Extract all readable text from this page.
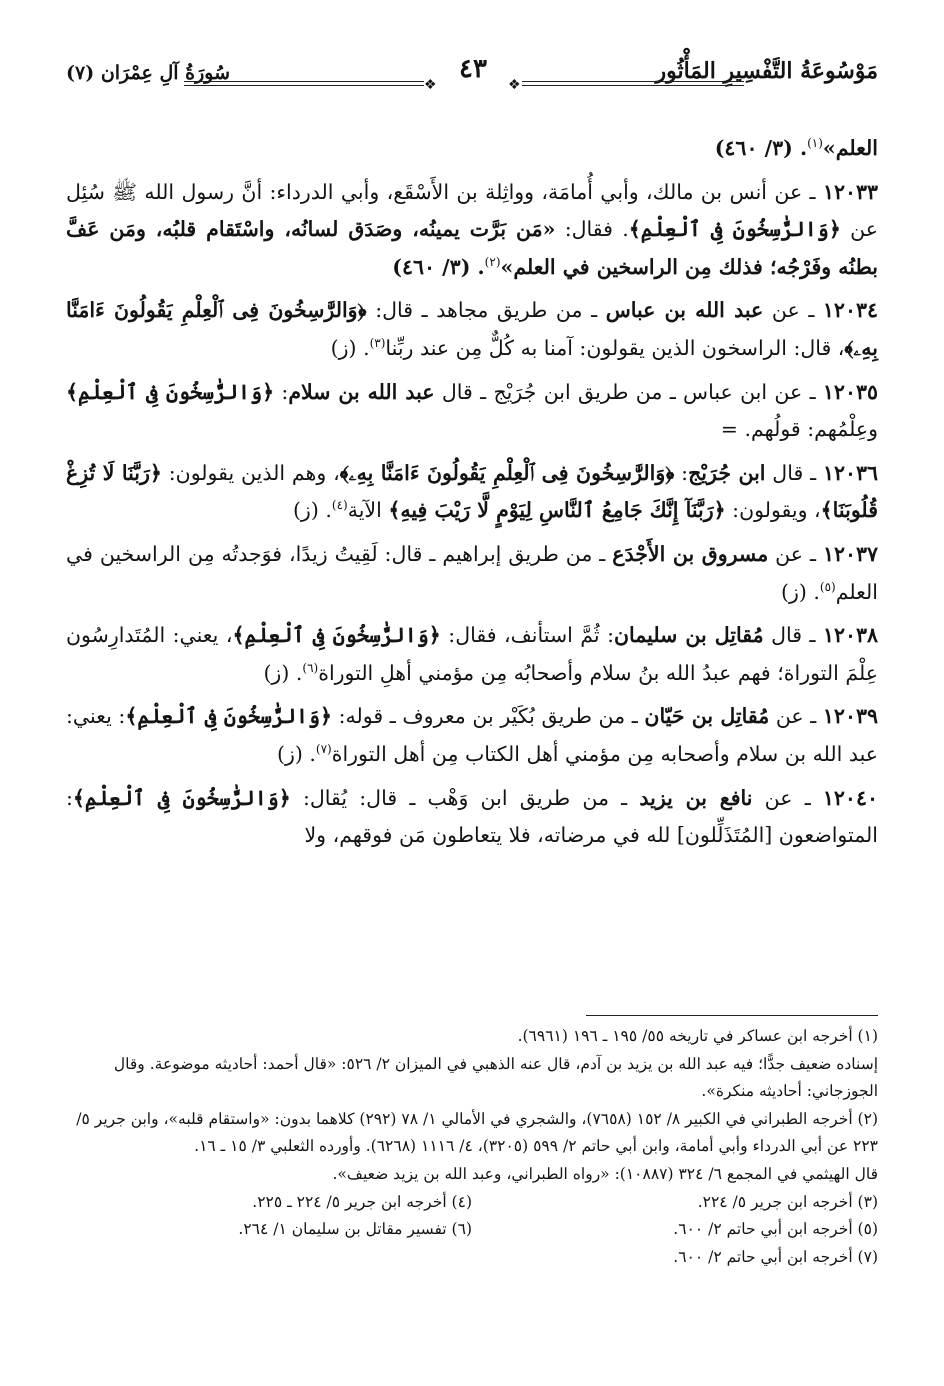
سُورَةُ آلِ عِمْرَان (٧)	مَوْسُوعَةُ التَّفْسِيرِ المَأْثُور
٤٣
❖	❖

العلم»$^{(١)}$. (٣/ ٤٦٠)

١٢٠٣٣ ـ عن أنس بن مالك، وأبي أُمامَة، وواثِلة بن الأَسْقَع، وأبي الدرداء: أنَّ رسول الله ﷺ سُئِل عن ﴿وَالرَّٰسِخُونَ فِى ٱلْعِلْمِ﴾. فقال: «مَن بَرَّت يمينُه، وصَدَق لسانُه، واسْتَقام قلبُه، ومَن عَفَّ بطنُه وفَرْجُه؛ فذلك مِن الراسخين في العلم»$^{(٢)}$. (٣/ ٤٦٠)

١٢٠٣٤ ـ عن عبد الله بن عباس ـ من طريق مجاهد ـ قال: ﴿وَالرَّٰسِخُونَ فِى ٱلْعِلْمِ يَقُولُونَ ءَامَنَّا بِهِۦ﴾، قال: الراسخون الذين يقولون: آمنا به كُلٌّ مِن عند ربِّنا$^{(٣)}$. (ز)

١٢٠٣٥ ـ عن ابن عباس ـ من طريق ابن جُرَيْج ـ قال عبد الله بن سلام: ﴿وَالرَّٰسِخُونَ فِى ٱلْعِلْمِ﴾ وعِلْمُهم: قولُهم. =

١٢٠٣٦ ـ قال ابن جُرَيْج: ﴿وَالرَّٰسِخُونَ فِى ٱلْعِلْمِ يَقُولُونَ ءَامَنَّا بِهِۦ﴾، وهم الذين يقولون: ﴿رَبَّنَا لَا تُزِغْ قُلُوبَنَا﴾، ويقولون: ﴿رَبَّنَآ إِنَّكَ جَامِعُ ٱلنَّاسِ لِيَوْمٍ لَّا رَيْبَ فِيهِ﴾ الآية$^{(٤)}$. (ز)

١٢٠٣٧ ـ عن مسروق بن الأَجْدَع ـ من طريق إبراهيم ـ قال: لَقِيتُ زيدًا، فوَجدتُه مِن الراسخين في العلم$^{(٥)}$. (ز)

١٢٠٣٨ ـ قال مُقاتِل بن سليمان: ثُمَّ استأنف، فقال: ﴿وَالرَّٰسِخُونَ فِى ٱلْعِلْمِ﴾، يعني: المُتَدارِسُون عِلْمَ التوراة؛ فهم عبدُ الله بنُ سلام وأصحابُه مِن مؤمني أهلِ التوراة$^{(٦)}$. (ز)

١٢٠٣٩ ـ عن مُقاتِل بن حَيّان ـ من طريق بُكَيْر بن معروف ـ قوله: ﴿وَالرَّٰسِخُونَ فِى ٱلْعِلْمِ﴾: يعني: عبد الله بن سلام وأصحابه مِن مؤمني أهل الكتاب مِن أهل التوراة$^{(٧)}$. (ز)

١٢٠٤٠ ـ عن نافع بن يزيد ـ من طريق ابن وَهْب ـ قال: يُقال: ﴿وَالرَّٰسِخُونَ فِى ٱلْعِلْمِ﴾: المتواضعون [المُتَذَلِّلون] لله في مرضاته، فلا يتعاطون مَن فوقهم، ولا

(١) أخرجه ابن عساكر في تاريخه ٥٥/ ١٩٥ ـ ١٩٦ (٦٩٦١).

إسناده ضعيف جدًّا؛ فيه عبد الله بن يزيد بن آدم، قال عنه الذهبي في الميزان ٢/ ٥٢٦: «قال أحمد: أحاديثه موضوعة. وقال الجوزجاني: أحاديثه منكرة».

(٢) أخرجه الطبراني في الكبير ٨/ ١٥٢ (٧٦٥٨)، والشجري في الأمالي ١/ ٧٨ (٢٩٢) كلاهما بدون: «واستقام قلبه»، وابن جرير ٥/ ٢٢٣ عن أبي الدرداء وأبي أمامة، وابن أبي حاتم ٢/ ٥٩٩ (٣٢٠٥)، ٤/ ١١١٦ (٦٢٦٨). وأورده الثعلبي ٣/ ١٥ ـ ١٦.

قال الهيثمي في المجمع ٦/ ٣٢٤ (١٠٨٨٧): «رواه الطبراني، وعبد الله بن يزيد ضعيف».

(٣) أخرجه ابن جرير ٥/ ٢٢٤.
(٤) أخرجه ابن جرير ٥/ ٢٢٤ ـ ٢٢٥.
(٥) أخرجه ابن أبي حاتم ٢/ ٦٠٠.
(٦) تفسير مقاتل بن سليمان ١/ ٢٦٤.

(٧) أخرجه ابن أبي حاتم ٢/ ٦٠٠.
